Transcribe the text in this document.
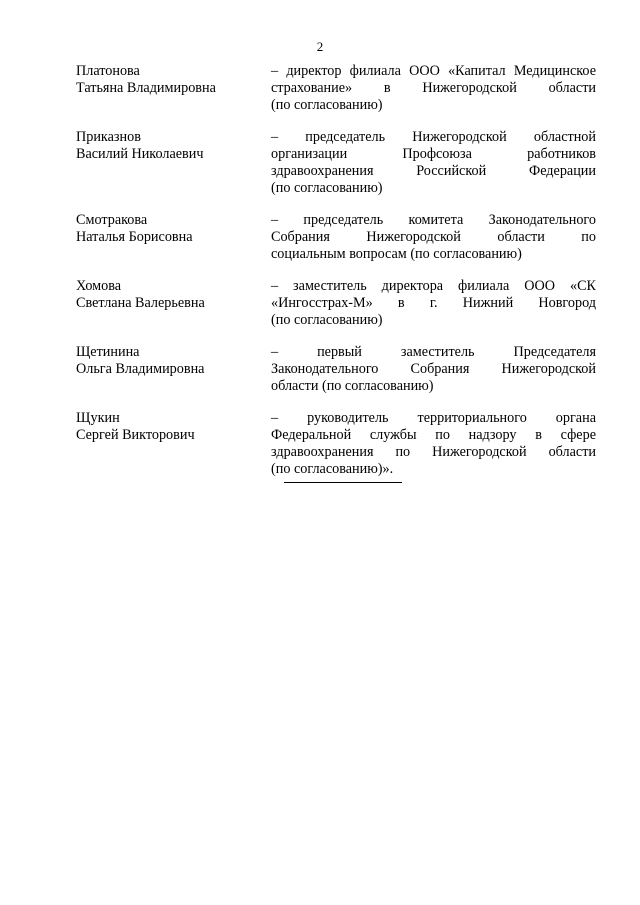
2
Платонова
Татьяна Владимировна
– директор филиала ООО «Капитал Медицинское
страхование» в Нижегородской области
(по согласованию)
Приказнов
Василий Николаевич
– председатель Нижегородской областной
организации Профсоюза работников
здравоохранения Российской Федерации
(по согласованию)
Смотракова
Наталья Борисовна
– председатель комитета Законодательного
Собрания Нижегородской области по
социальным вопросам (по согласованию)
Хомова
Светлана Валерьевна
– заместитель директора филиала ООО «СК
«Ингосстрах-М» в г. Нижний Новгород
(по согласованию)
Щетинина
Ольга Владимировна
– первый заместитель Председателя
Законодательного Собрания Нижегородской
области (по согласованию)
Щукин
Сергей Викторович
– руководитель территориального органа
Федеральной службы по надзору в сфере
здравоохранения по Нижегородской области
(по согласованию)».
